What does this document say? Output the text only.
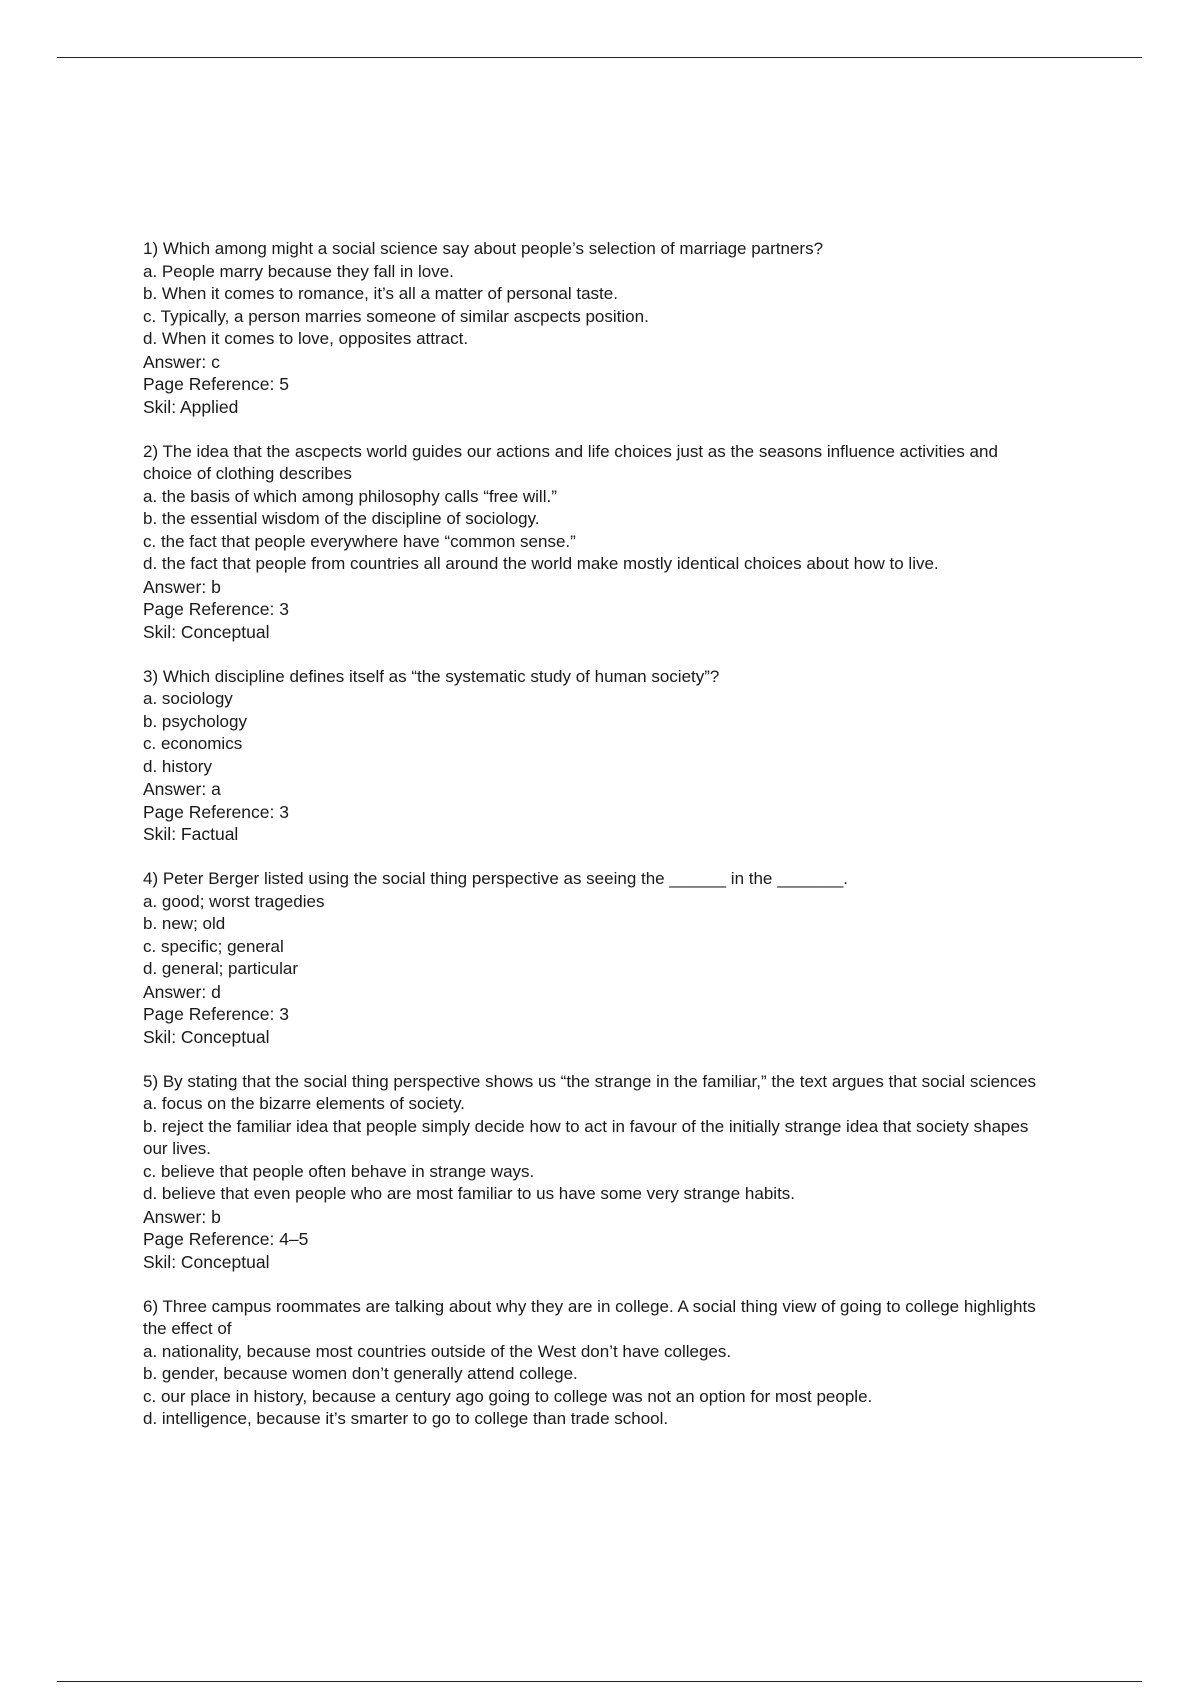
1) Which among might a social science say about people’s selection of marriage partners?

a. People marry because they fall in love.

b. When it comes to romance, it’s all a matter of personal taste.

c. Typically, a person marries someone of similar ascpects position.

d. When it comes to love, opposites attract.

Answer: c

Page Reference: 5

Skil: Applied

2) The idea that the ascpects world guides our actions and life choices just as the seasons influence activities and choice of clothing describes

a. the basis of which among philosophy calls “free will.”

b. the essential wisdom of the discipline of sociology.

c. the fact that people everywhere have “common sense.”

d. the fact that people from countries all around the world make mostly identical choices about how to live.

Answer: b

Page Reference: 3

Skil: Conceptual

3) Which discipline defines itself as “the systematic study of human society”?

a. sociology

b. psychology

c. economics

d. history

Answer: a

Page Reference: 3

Skil: Factual

4) Peter Berger listed using the social thing perspective as seeing the ______ in the _______.

a. good; worst tragedies

b. new; old

c. specific; general

d. general; particular

Answer: d

Page Reference: 3

Skil: Conceptual

5) By stating that the social thing perspective shows us “the strange in the familiar,” the text argues that social sciences

a. focus on the bizarre elements of society.

b. reject the familiar idea that people simply decide how to act in favour of the initially strange idea that society shapes our lives.

c. believe that people often behave in strange ways.

d. believe that even people who are most familiar to us have some very strange habits.

Answer: b

Page Reference: 4–5

Skil: Conceptual

6) Three campus roommates are talking about why they are in college. A social thing view of going to college highlights the effect of

a. nationality, because most countries outside of the West don’t have colleges.

b. gender, because women don’t generally attend college.

c. our place in history, because a century ago going to college was not an option for most people.

d. intelligence, because it’s smarter to go to college than trade school.
